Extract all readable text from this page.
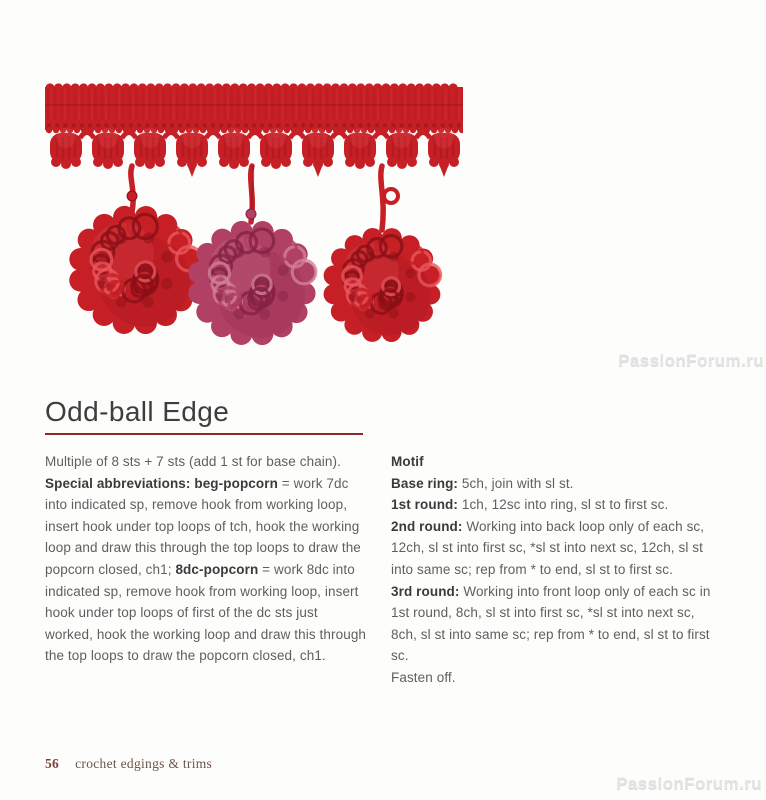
Odd-ball Edge

Multiple of 8 sts + 7 sts (add 1 st for base chain).

Special abbreviations: beg-popcorn = work 7dc into indicated sp, remove hook from working loop, insert hook under top loops of tch, hook the working loop and draw this through the top loops to draw the popcorn closed, ch1; 8dc-popcorn = work 8dc into indicated sp, remove hook from working loop, insert hook under top loops of first of the dc sts just worked, hook the working loop and draw this through the top loops to draw the popcorn closed, ch1.

Motif

Base ring: 5ch, join with sl st.

1st round: 1ch, 12sc into ring, sl st to first sc.

2nd round: Working into back loop only of each sc, 12ch, sl st into first sc, *sl st into next sc, 12ch, sl st into same sc; rep from * to end, sl st to first sc.

3rd round: Working into front loop only of each sc in 1st round, 8ch, sl st into first sc, *sl st into next sc, 8ch, sl st into same sc; rep from * to end, sl st to first sc.

Fasten off.

56 crochet edgings & trims
PassionForum.ru
PassionForum.ru
